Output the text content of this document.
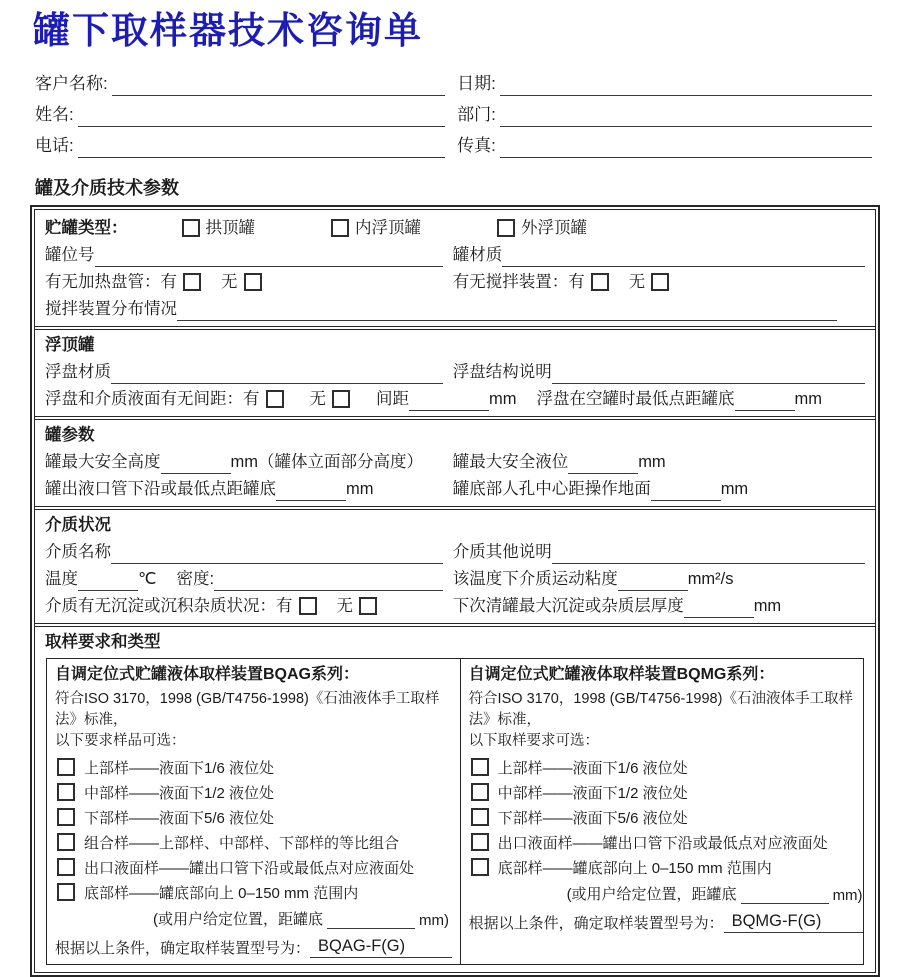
罐下取样器技术咨询单
客户名称:	日期:
姓名:	部门:
电话:	传真:
罐及介质技术参数
贮罐类型：	拱顶罐	内浮顶罐	外浮顶罐
罐位号	罐材质
有无加热盘管： 有	无	有无搅拌装置： 有	无
搅拌装置分布情况
浮顶罐
浮盘材质	浮盘结构说明
浮盘和介质液面有无间距： 有	无	间距	mm 浮盘在空罐时最低点距罐底	mm
罐参数
罐最大安全高度	mm（罐体立面部分高度） 罐最大安全液位	mm
罐出液口管下沿或最低点距罐底	mm	罐底部人孔中心距操作地面	mm
介质状况
介质名称	介质其他说明
温度	℃ 密度:	该温度下介质运动粘度	mm²/s
介质有无沉淀或沉积杂质状况： 有	无	下次清罐最大沉淀或杂质层厚度	mm
取样要求和类型
自调定位式贮罐液体取样装置BQAG系列：
符合ISO 3170，1998 (GB/T4756-1998)《石油液体手工取样法》标准，
以下要求样品可选：
上部样——液面下1/6 液位处
中部样——液面下1/2 液位处
下部样——液面下5/6 液位处
组合样——上部样、中部样、下部样的等比组合
出口液面样——罐出口管下沿或最低点对应液面处
底部样——罐底部向上 0–150 mm 范围内
(或用户给定位置，距罐底	mm)
根据以上条件，确定取样装置型号为： BQAG-F(G)
自调定位式贮罐液体取样装置BQMG系列：
符合ISO 3170，1998 (GB/T4756-1998)《石油液体手工取样法》标准，
以下取样要求可选：
上部样——液面下1/6 液位处
中部样——液面下1/2 液位处
下部样——液面下5/6 液位处
出口液面样——罐出口管下沿或最低点对应液面处
底部样——罐底部向上 0–150 mm 范围内
(或用户给定位置，距罐底	mm)
根据以上条件，确定取样装置型号为： BQMG-F(G)
